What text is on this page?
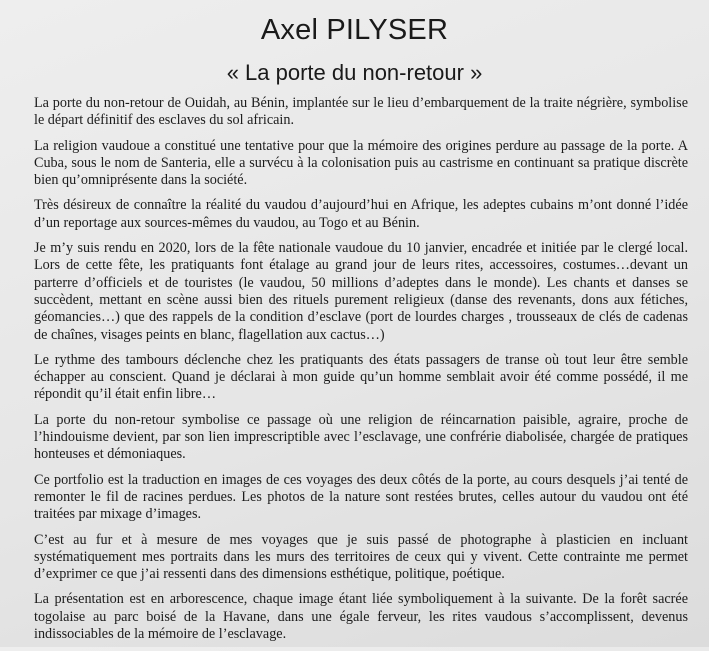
Axel PILYSER
« La porte du non-retour »

La porte du non-retour de Ouidah, au Bénin, implantée sur le lieu d’embarquement de la traite négrière, symbolise le départ définitif des esclaves du sol africain.

La religion vaudoue a constitué une tentative pour que la mémoire des origines perdure au passage de la porte. A Cuba, sous le nom de Santeria, elle a survécu à la colonisation puis au castrisme en continuant sa pratique discrète bien qu’omniprésente dans la société.

Très désireux de connaître la réalité du vaudou d’aujourd’hui en Afrique, les adeptes cubains m’ont donné l’idée d’un reportage aux sources-mêmes du vaudou, au Togo et au Bénin.

Je m’y suis rendu en 2020, lors de la fête nationale vaudoue du 10 janvier, encadrée et initiée par le clergé local. Lors de cette fête, les pratiquants font étalage au grand jour de leurs rites, accessoires, costumes…devant un parterre d’officiels et de touristes (le vaudou, 50 millions d’adeptes dans le monde). Les chants et danses se succèdent, mettant en scène aussi bien des rituels purement religieux (danse des revenants, dons aux fétiches, géomancies…) que des rappels de la condition d’esclave (port de lourdes charges , trousseaux de clés de cadenas de chaînes, visages peints en blanc, flagellation aux cactus…)

Le rythme des tambours déclenche chez les pratiquants des états passagers de transe où tout leur être semble échapper au conscient. Quand je déclarai à mon guide qu’un homme semblait avoir été comme possédé, il me répondit qu’il était enfin libre…

La porte du non-retour symbolise ce passage où une religion de réincarnation paisible, agraire, proche de l’hindouisme devient, par son lien imprescriptible avec l’esclavage, une confrérie diabolisée, chargée de pratiques honteuses et démoniaques.

Ce portfolio est la traduction en images de ces voyages des deux côtés de la porte, au cours desquels j’ai tenté de remonter le fil de racines perdues. Les photos de la nature sont restées brutes, celles autour du vaudou ont été traitées par mixage d’images.

C’est au fur et à mesure de mes voyages que je suis passé de photographe à plasticien en incluant systématiquement mes portraits dans les murs des territoires de ceux qui y vivent. Cette contrainte me permet d’exprimer ce que j’ai ressenti dans des dimensions esthétique, politique, poétique.

La présentation est en arborescence, chaque image étant liée symboliquement à la suivante. De la forêt sacrée togolaise au parc boisé de la Havane, dans une égale ferveur, les rites vaudous s’accomplissent, devenus indissociables de la mémoire de l’esclavage.
